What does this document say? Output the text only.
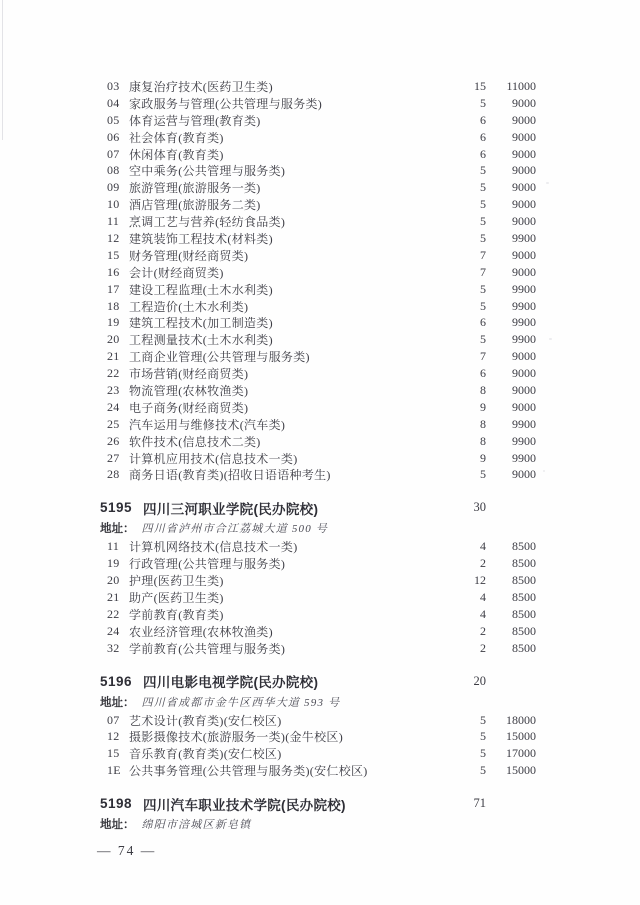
03 康复治疗技术(医药卫生类)	15	11000
04 家政服务与管理(公共管理与服务类)	5	9000
05 体育运营与管理(教育类)	6	9000
06 社会体育(教育类)	6	9000
07 休闲体育(教育类)	6	9000
08 空中乘务(公共管理与服务类)	5	9000
09 旅游管理(旅游服务一类)	5	9000
10 酒店管理(旅游服务二类)	5	9000
11 烹调工艺与营养(轻纺食品类)	5	9000
12 建筑装饰工程技术(材料类)	5	9900
15 财务管理(财经商贸类)	7	9000
16 会计(财经商贸类)	7	9000
17 建设工程监理(土木水利类)	5	9900
18 工程造价(土木水利类)	5	9900
19 建筑工程技术(加工制造类)	6	9900
20 工程测量技术(土木水利类)	5	9900
21 工商企业管理(公共管理与服务类)	7	9000
22 市场营销(财经商贸类)	6	9000
23 物流管理(农林牧渔类)	8	9000
24 电子商务(财经商贸类)	9	9000
25 汽车运用与维修技术(汽车类)	8	9900
26 软件技术(信息技术二类)	8	9900
27 计算机应用技术(信息技术一类)	9	9900
28 商务日语(教育类)(招收日语语种考生)	5	9000
5195 四川三河职业学院(民办院校)	30
地址： 四川省泸州市合江荔城大道 500 号
11 计算机网络技术(信息技术一类)	4	8500
19 行政管理(公共管理与服务类)	2	8500
20 护理(医药卫生类)	12	8500
21 助产(医药卫生类)	4	8500
22 学前教育(教育类)	4	8500
24 农业经济管理(农林牧渔类)	2	8500
32 学前教育(公共管理与服务类)	2	8500
5196 四川电影电视学院(民办院校)	20
地址： 四川省成都市金牛区西华大道 593 号
07 艺术设计(教育类)(安仁校区)	5	18000
12 摄影摄像技术(旅游服务一类)(金牛校区)	5	15000
15 音乐教育(教育类)(安仁校区)	5	17000
1E 公共事务管理(公共管理与服务类)(安仁校区)	5	15000
5198 四川汽车职业技术学院(民办院校)	71
地址： 绵阳市涪城区新皂镇
— 74 —
